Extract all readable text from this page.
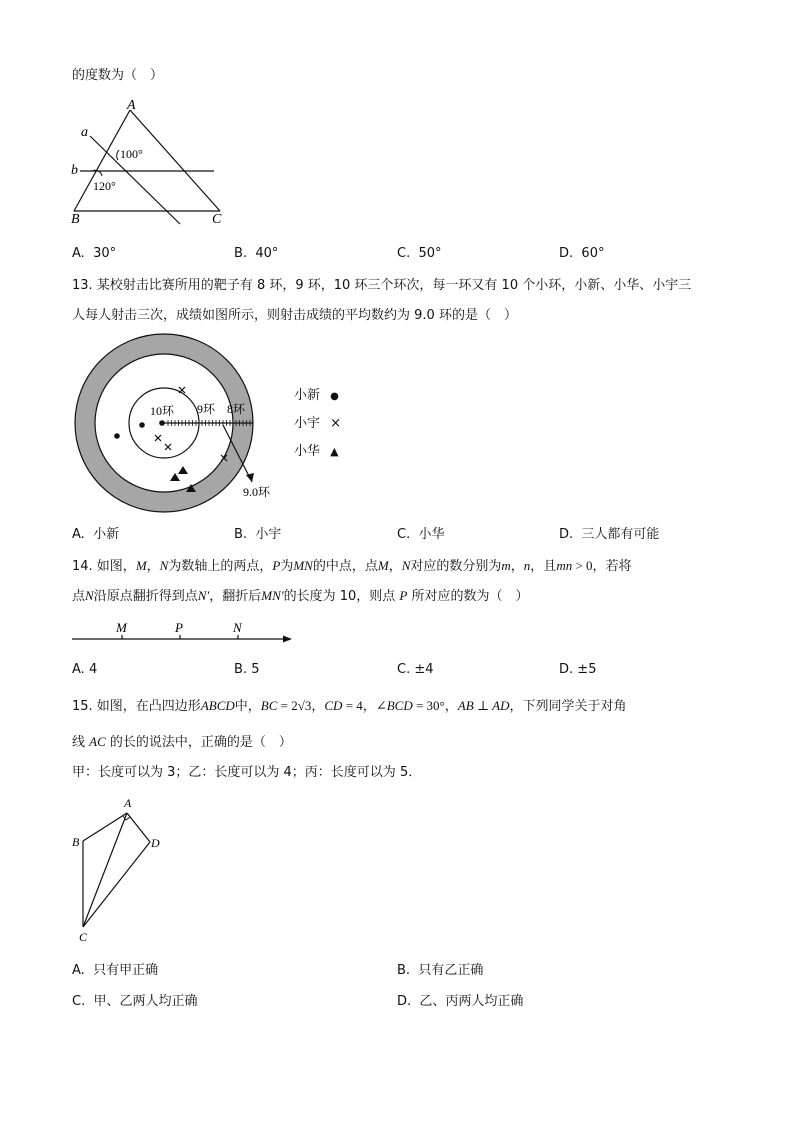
的度数为（　）
A
a
b
B	C
100°
120°
A. 30°	B. 40°	C. 50°	D. 60°
13. 某校射击比赛所用的靶子有 8 环，9 环，10 环三个环次，每一环又有 10 个小环，小新、小华、小宇三
人每人射击三次，成绩如图所示，则射击成绩的平均数约为 9.0 环的是（　）
10环 9环 8环
9.0环
小新 ●
小宇 ×
小华 ▲
A. 小新	B. 小宇	C. 小华	D. 三人都有可能
14. 如图，M，N为数轴上的两点，P为MN的中点，点M，N对应的数分别为m，n，且mn > 0，若将
点N沿原点翻折得到点N′，翻折后MN′的长度为 10，则点 P 所对应的数为（　）
M	P	N
A. 4	B. 5	C. ±4	D. ±5
15. 如图，在凸四边形ABCD中，BC = 2√3，CD = 4，∠BCD = 30°，AB ⊥ AD，下列同学关于对角
线 AC 的长的说法中，正确的是（　）
甲：长度可以为 3；乙：长度可以为 4；丙：长度可以为 5．
A
B
C
D
A. 只有甲正确	B. 只有乙正确
C. 甲、乙两人均正确	D. 乙、丙两人均正确
